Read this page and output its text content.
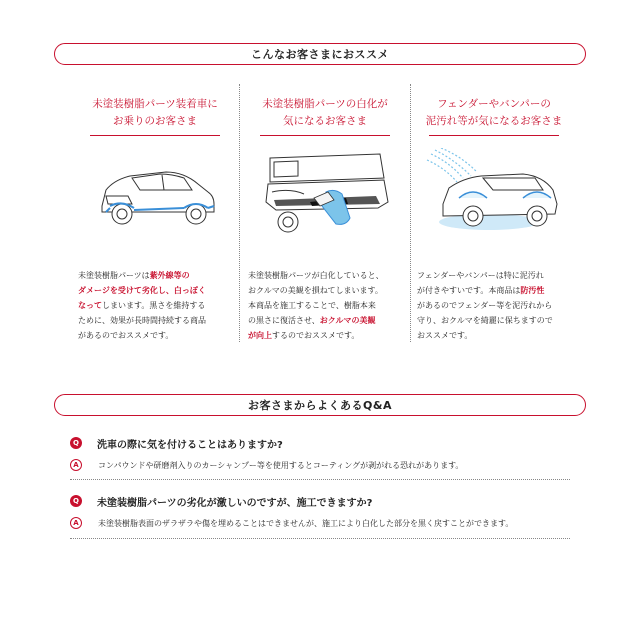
こんなお客さまにおススメ
未塗装樹脂パーツ装着車に
お乗りのお客さま
未塗装樹脂パーツは紫外線等の
ダメージを受けて劣化し、白っぽく
なってしまいます。黒さを維持する
ために、効果が長時間持続する商品
があるのでおススメです。
未塗装樹脂パーツの白化が
気になるお客さま
未塗装樹脂パーツが白化していると、
おクルマの美観を損ねてしまいます。
本商品を施工することで、樹脂本来
の黒さに復活させ、おクルマの美観
が向上するのでおススメです。
フェンダーやバンパーの
泥汚れ等が気になるお客さま
フェンダーやバンパーは特に泥汚れ
が付きやすいです。本商品は防汚性
があるのでフェンダー等を泥汚れから
守り、おクルマを綺麗に保ちますので
おススメです。
お客さまからよくあるQ&A
Q	洗車の際に気を付けることはありますか?
A	コンパウンドや研磨剤入りのカーシャンプー等を使用するとコーティングが剥がれる恐れがあります。
Q	未塗装樹脂パーツの劣化が激しいのですが、施工できますか?
A	未塗装樹脂表面のザラザラや傷を埋めることはできませんが、施工により白化した部分を黒く戻すことができます。
